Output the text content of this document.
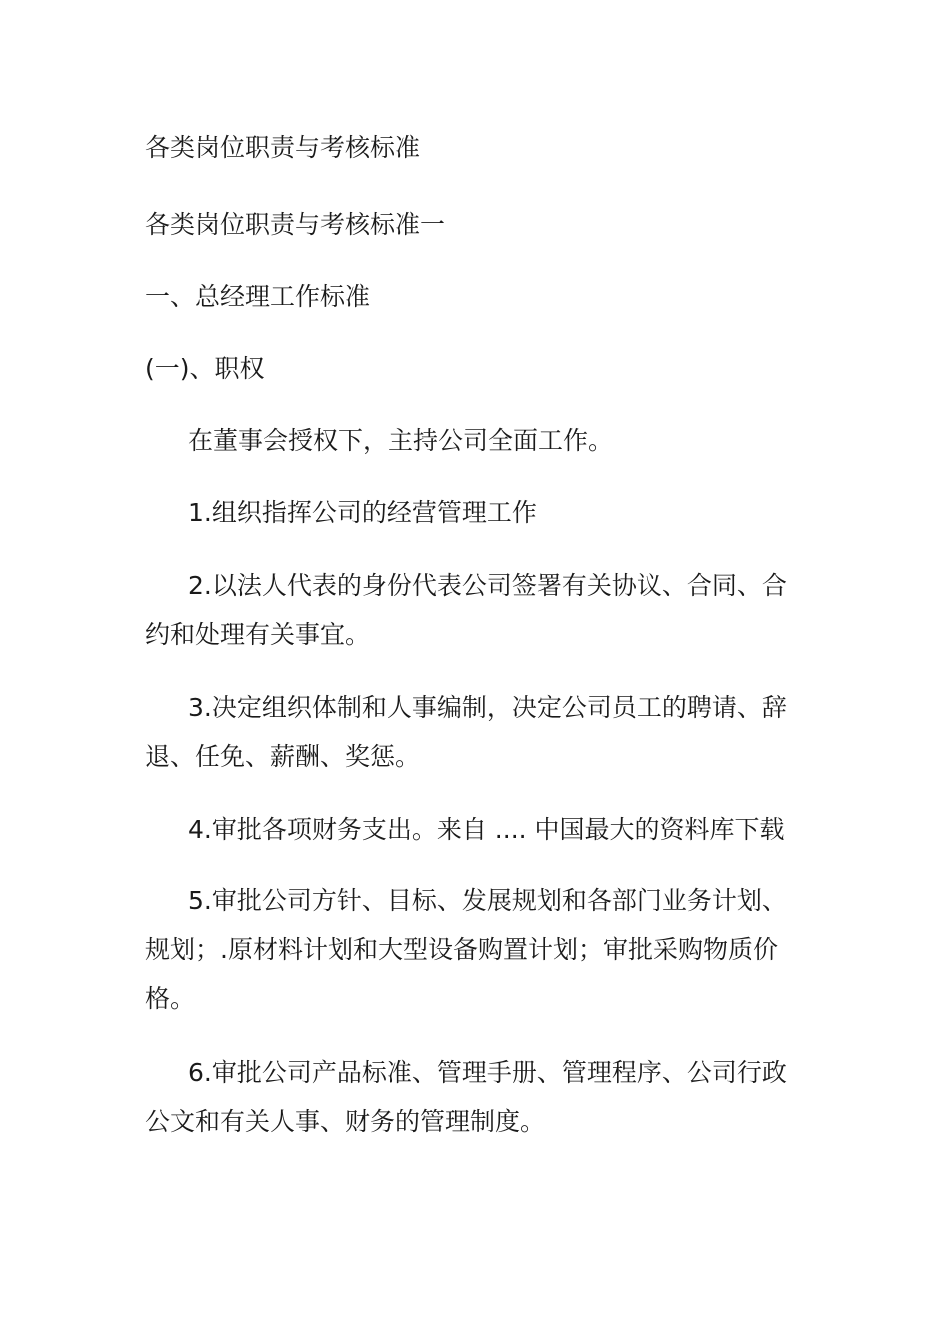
各类岗位职责与考核标准

各类岗位职责与考核标准一

一、总经理工作标准

(一)、职权

在董事会授权下，主持公司全面工作。

1.组织指挥公司的经营管理工作

2.以法人代表的身份代表公司签署有关协议、合同、合

约和处理有关事宜。

3.决定组织体制和人事编制，决定公司员工的聘请、辞

退、任免、薪酬、奖惩。

4.审批各项财务支出。来自 .... 中国最大的资料库下载

5.审批公司方针、目标、发展规划和各部门业务计划、

规划；.原材料计划和大型设备购置计划；审批采购物质价

格。

6.审批公司产品标准、管理手册、管理程序、公司行政

公文和有关人事、财务的管理制度。
